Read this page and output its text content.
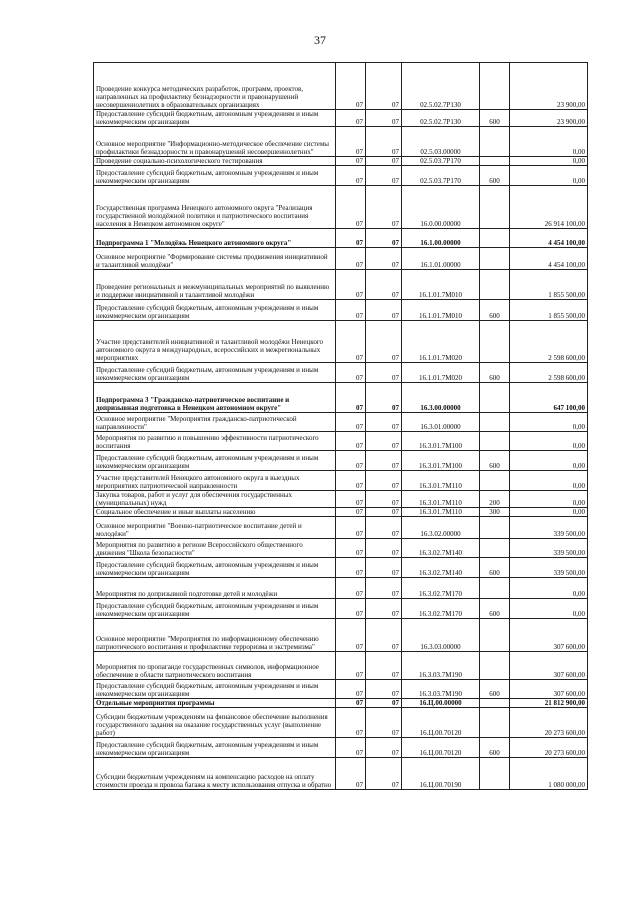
37
Проведение конкурса методических разработок, программ, проектов, направленных на профилактику безнадзорности и правонарушений несовершеннолетних в образовательных организациях	07	07	02.5.02.7Р130		23 900,00
Предоставление субсидий бюджетным, автономным учреждениям и иным некоммерческим организациям	07	07	02.5.02.7Р130	600	23 900,00
Основное мероприятие "Информационно-методическое обеспечение системы профилактики безнадзорности и правонарушений несовершеннолетних"	07	07	02.5.03.00000		0,00
Проведение социально-психологического тестирования	07	07	02.5.03.7Р170		0,00
Предоставление субсидий бюджетным, автономным учреждениям и иным некоммерческим организациям	07	07	02.5.03.7Р170	600	0,00
Государственная программа Ненецкого автономного округа "Реализация государственной молодёжной политики и патриотического воспитания населения в Ненецком автономном округе"	07	07	16.0.00.00000		26 914 100,00
Подпрограмма 1 "Молодёжь Ненецкого автономного округа"	07	07	16.1.00.00000		4 454 100,00
Основное мероприятие "Формирование системы продвижения инициативной и талантливой молодёжи"	07	07	16.1.01.00000		4 454 100,00
Проведение региональных и межмуниципальных мероприятий по выявлению и поддержке инициативной и талантливой молодёжи	07	07	16.1.01.7М010		1 855 500,00
Предоставление субсидий бюджетным, автономным учреждениям и иным некоммерческим организациям	07	07	16.1.01.7М010	600	1 855 500,00
Участие представителей инициативной и талантливой молодёжи Ненецкого автономного округа в международных, всероссийских и межрегиональных мероприятиях	07	07	16.1.01.7М020		2 598 600,00
Предоставление субсидий бюджетным, автономным учреждениям и иным некоммерческим организациям	07	07	16.1.01.7М020	600	2 598 600,00
Подпрограмма 3 "Гражданско-патриотическое воспитание и допризывная подготовка в Ненецком автономном округе"	07	07	16.3.00.00000		647 100,00
Основное мероприятие "Мероприятия гражданско-патриотической направленности"	07	07	16.3.01.00000		0,00
Мероприятия по развитию и повышению эффективности патриотического воспитания	07	07	16.3.01.7М100		0,00
Предоставление субсидий бюджетным, автономным учреждениям и иным некоммерческим организациям	07	07	16.3.01.7М100	600	0,00
Участие представителей Ненецкого автономного округа в выездных мероприятиях патриотической направленности	07	07	16.3.01.7М110		0,00
Закупка товаров, работ и услуг для обеспечения государственных (муниципальных) нужд	07	07	16.3.01.7М110	200	0,00
Социальное обеспечение и иные выплаты населению	07	07	16.3.01.7М110	300	0,00
Основное мероприятие "Военно-патриотическое воспитание детей и молодёжи"	07	07	16.3.02.00000		339 500,00
Мероприятия по развитию в регионе Всероссийского общественного движения "Школа безопасности"	07	07	16.3.02.7М140		339 500,00
Предоставление субсидий бюджетным, автономным учреждениям и иным некоммерческим организациям	07	07	16.3.02.7М140	600	339 500,00
Мероприятия по допризывной подготовке детей и молодёжи	07	07	16.3.02.7М170		0,00
Предоставление субсидий бюджетным, автономным учреждениям и иным некоммерческим организациям	07	07	16.3.02.7М170	600	0,00
Основное мероприятие "Мероприятия по информационному обеспечению патриотического воспитания и профилактике терроризма и экстремизма"	07	07	16.3.03.00000		307 600,00
Мероприятия по пропаганде государственных символов, информационное обеспечение в области патриотического воспитания	07	07	16.3.03.7М190		307 600,00
Предоставление субсидий бюджетным, автономным учреждениям и иным некоммерческим организациям	07	07	16.3.03.7М190	600	307 600,00
Отдельные мероприятия программы	07	07	16.Ц.00.00000		21 812 900,00
Субсидии бюджетным учреждениям на финансовое обеспечение выполнения государственного задания на оказание государственных услуг (выполнение работ)	07	07	16.Ц.00.70120		20 273 600,00
Предоставление субсидий бюджетным, автономным учреждениям и иным некоммерческим организациям	07	07	16.Ц.00.70120	600	20 273 600,00
Субсидии бюджетным учреждениям на компенсацию расходов на оплату стоимости проезда и провоза багажа к месту использования отпуска и обратно	07	07	16.Ц.00.70190		1 080 000,00
